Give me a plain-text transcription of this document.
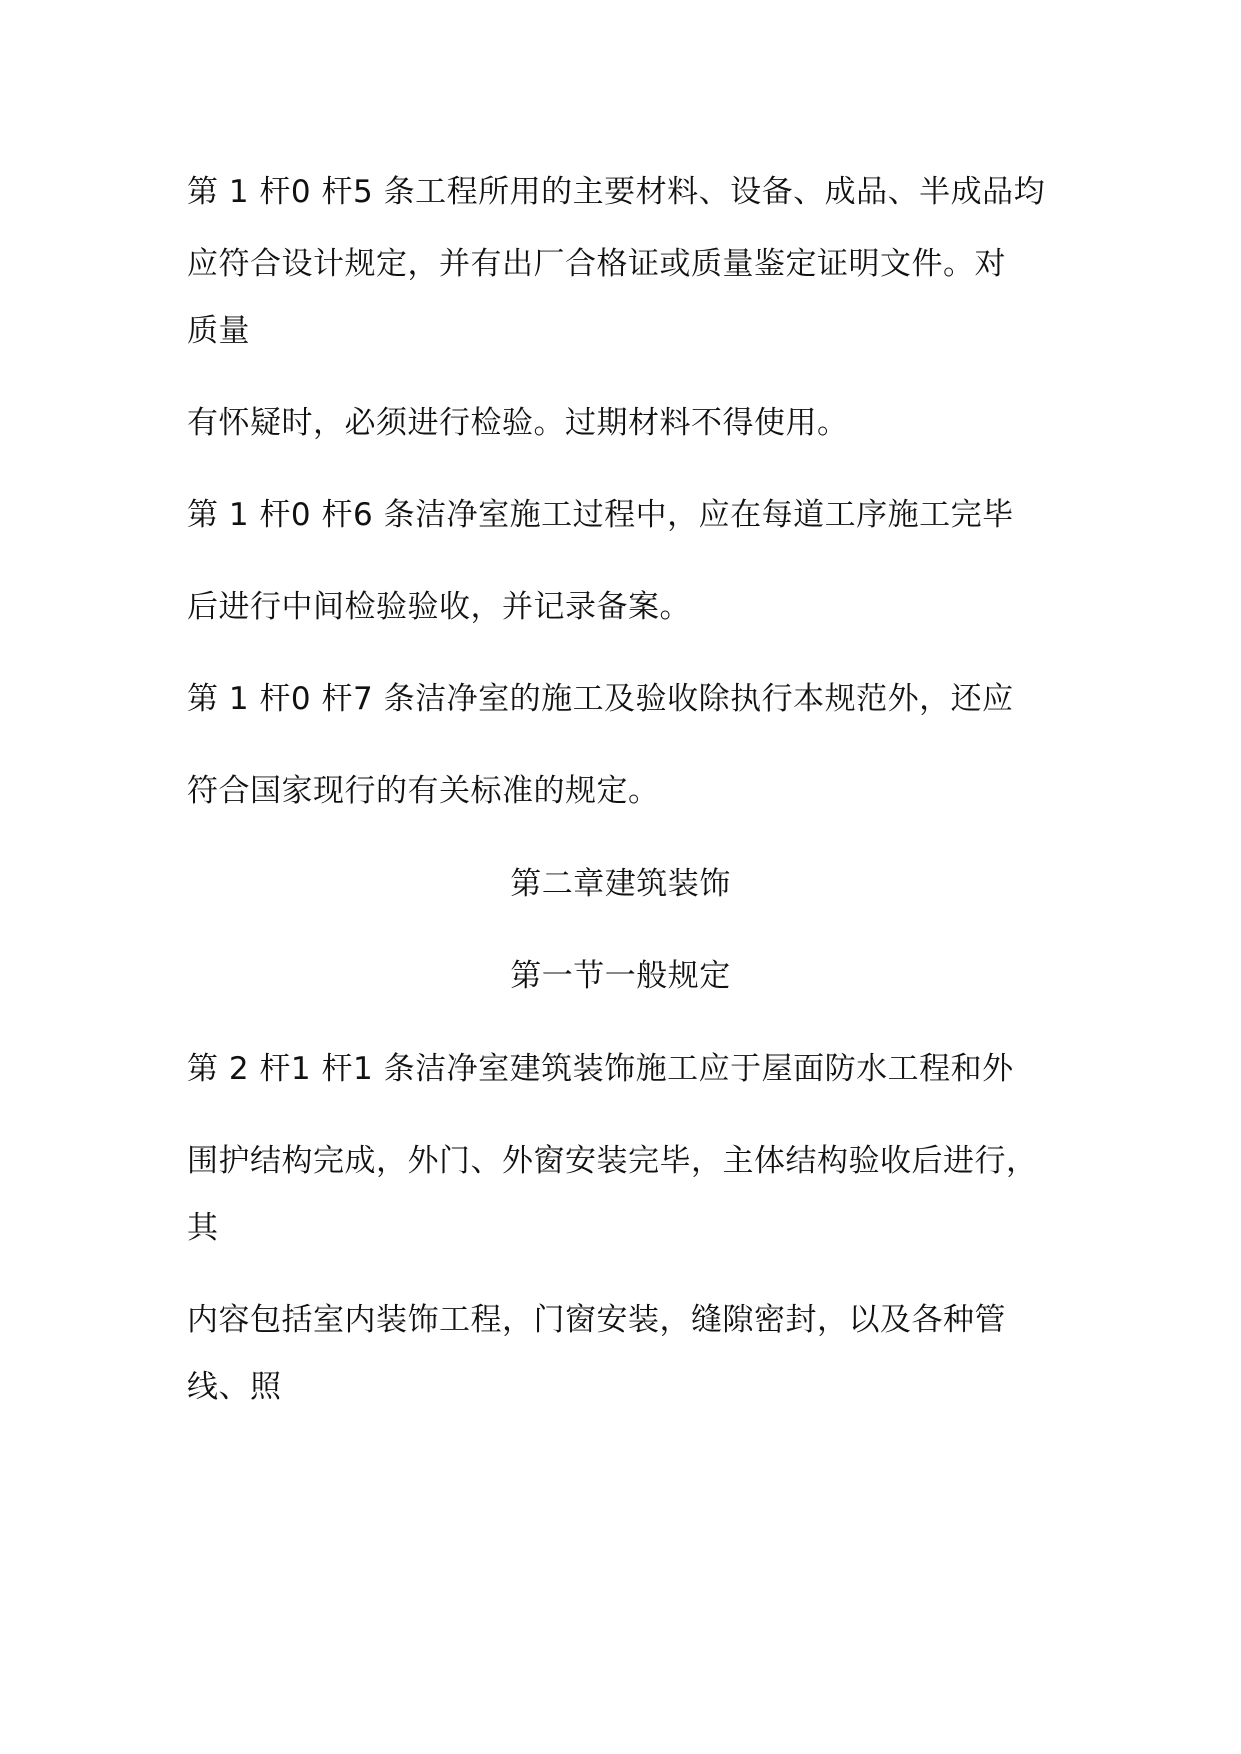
第 1 杆0 杆5 条工程所用的主要材料、设备、成品、半成品均
应符合设计规定，并有出厂合格证或质量鉴定证明文件。对
质量
有怀疑时，必须进行检验。过期材料不得使用。
第 1 杆0 杆6 条洁净室施工过程中，应在每道工序施工完毕
后进行中间检验验收，并记录备案。
第 1 杆0 杆7 条洁净室的施工及验收除执行本规范外，还应
符合国家现行的有关标准的规定。
第二章建筑装饰
第一节一般规定
第 2 杆1 杆1 条洁净室建筑装饰施工应于屋面防水工程和外
围护结构完成，外门、外窗安装完毕，主体结构验收后进行，
其
内容包括室内装饰工程，门窗安装，缝隙密封，以及各种管
线、照
